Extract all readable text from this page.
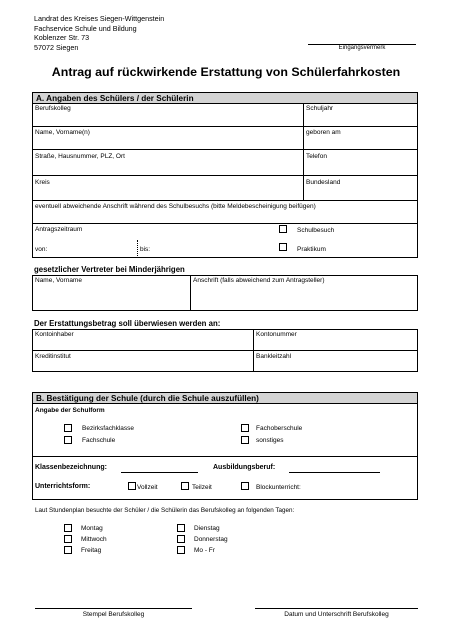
Landrat des Kreises Siegen-Wittgenstein
Fachservice Schule und Bildung
Koblenzer Str. 73
57072 Siegen	Eingangsvermerk
Antrag auf rückwirkende Erstattung von Schülerfahrkosten
A. Angaben des Schülers / der Schülerin
Berufskolleg	Schuljahr
Name, Vorname(n)	geboren am
Straße, Hausnummer, PLZ, Ort	Telefon
Kreis	Bundesland
eventuell abweichende Anschrift während des Schulbesuchs (bitte Meldebescheinigung beifügen)
Antragszeitraum
von:	bis:
Schulbesuch
Praktikum
gesetzlicher Vertreter bei Minderjährigen
Name, Vorname	Anschrift (falls abweichend zum Antragsteller)
Der Erstattungsbetrag soll überwiesen werden an:
Kontoinhaber	Kontonummer
Kreditinstitut	Bankleitzahl
B. Bestätigung der Schule (durch die Schule auszufüllen)
Angabe der Schulform
Bezirksfachklasse
Fachschule
Fachoberschule
sonstiges
Klassenbezeichnung:	Ausbildungsberuf:
Unterrichtsform:	Vollzeit	Teilzeit	Blockunterricht:
Laut Stundenplan besuchte der Schüler / die Schülerin das Berufskolleg an folgenden Tagen:
Montag
Mittwoch
Freitag
Dienstag
Donnerstag
Mo - Fr
Stempel Berufskolleg	Datum und Unterschrift Berufskolleg
